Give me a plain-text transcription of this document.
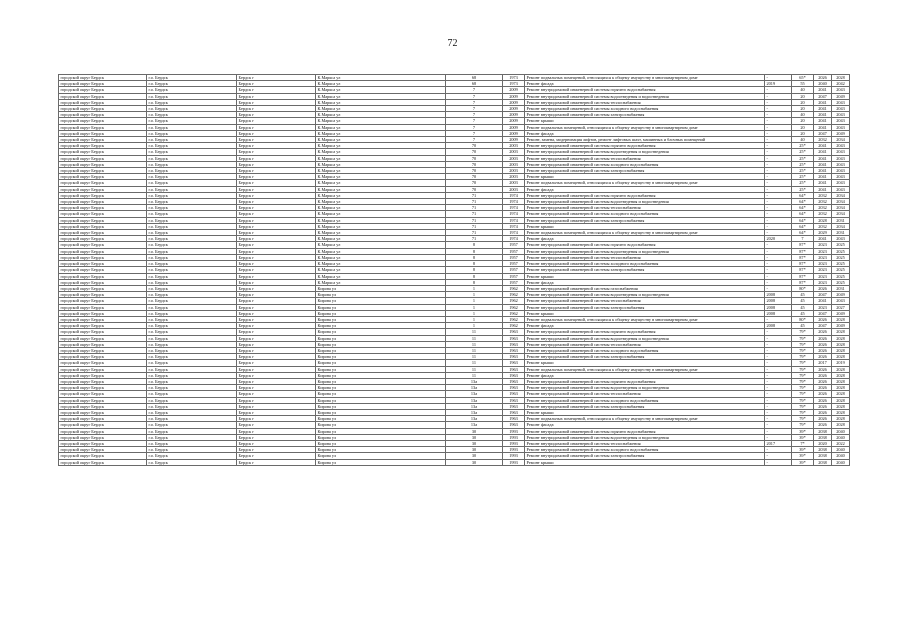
72
городской округ Бердск	г.о. Бердск	Бердск г	К.Маркса ул	68	1973	Ремонт подвальных помещений, относящихся к общему имуществу в многоквартирном доме	-	65*	2026	2028
городской округ Бердск	г.о. Бердск	Бердск г	К.Маркса ул	68	1973	Ремонт фасада	2019	55	2040	2042
городской округ Бердск	г.о. Бердск	Бердск г	К.Маркса ул	7	2009	Ремонт внутридомовой инженерной системы горячего водоснабжения	-	40	2041	2043
городской округ Бердск	г.о. Бердск	Бердск г	К.Маркса ул	7	2009	Ремонт внутридомовой инженерной системы водоотведения и водоотведения	-	20	2047	2049
городской округ Бердск	г.о. Бердск	Бердск г	К.Маркса ул	7	2009	Ремонт внутридомовой инженерной системы теплоснабжения	-	20	2041	2043
городской округ Бердск	г.о. Бердск	Бердск г	К.Маркса ул	7	2009	Ремонт внутридомовой инженерной системы холодного водоснабжения	-	20	2041	2043
городской округ Бердск	г.о. Бердск	Бердск г	К.Маркса ул	7	2009	Ремонт внутридомовой инженерной системы электроснабжения	-	40	2041	2043
городской округ Бердск	г.о. Бердск	Бердск г	К.Маркса ул	7	2009	Ремонт крыши	-	20	2041	2043
городской округ Бердск	г.о. Бердск	Бердск г	К.Маркса ул	7	2009	Ремонт подвальных помещений, относящихся к общему имуществу в многоквартирном доме	-	20	2041	2043
городской округ Бердск	г.о. Бердск	Бердск г	К.Маркса ул	7	2009	Ремонт фасада	-	20	2047	2049
городской округ Бердск	г.о. Бердск	Бердск г	К.Маркса ул	7	2009	Ремонт, замена, модернизация лифтов, ремонт лифтовых шахт, машинных и блочных помещений	-	40	2032	2034
городской округ Бердск	г.о. Бердск	Бердск г	К.Маркса ул	70	2003	Ремонт внутридомовой инженерной системы горячего водоснабжения	-	25*	2041	2043
городской округ Бердск	г.о. Бердск	Бердск г	К.Маркса ул	70	2003	Ремонт внутридомовой инженерной системы водоотведения и водоотведения	-	25*	2041	2043
городской округ Бердск	г.о. Бердск	Бердск г	К.Маркса ул	70	2003	Ремонт внутридомовой инженерной системы теплоснабжения	-	25*	2041	2043
городской округ Бердск	г.о. Бердск	Бердск г	К.Маркса ул	70	2003	Ремонт внутридомовой инженерной системы холодного водоснабжения	-	25*	2041	2043
городской округ Бердск	г.о. Бердск	Бердск г	К.Маркса ул	70	2003	Ремонт внутридомовой инженерной системы электроснабжения	-	25*	2041	2043
городской округ Бердск	г.о. Бердск	Бердск г	К.Маркса ул	70	2003	Ремонт крыши	-	25*	2041	2043
городской округ Бердск	г.о. Бердск	Бердск г	К.Маркса ул	70	2003	Ремонт подвальных помещений, относящихся к общему имуществу в многоквартирном доме	-	25*	2041	2043
городской округ Бердск	г.о. Бердск	Бердск г	К.Маркса ул	70	2003	Ремонт фасада	-	25*	2041	2043
городской округ Бердск	г.о. Бердск	Бердск г	К.Маркса ул	71	1974	Ремонт внутридомовой инженерной системы горячего водоснабжения	-	64*	2032	2034
городской округ Бердск	г.о. Бердск	Бердск г	К.Маркса ул	71	1974	Ремонт внутридомовой инженерной системы водоотведения и водоотведения	-	64*	2032	2034
городской округ Бердск	г.о. Бердск	Бердск г	К.Маркса ул	71	1974	Ремонт внутридомовой инженерной системы теплоснабжения	-	64*	2032	2034
городской округ Бердск	г.о. Бердск	Бердск г	К.Маркса ул	71	1974	Ремонт внутридомовой инженерной системы холодного водоснабжения	-	64*	2032	2034
городской округ Бердск	г.о. Бердск	Бердск г	К.Маркса ул	71	1974	Ремонт внутридомовой инженерной системы электроснабжения	-	64*	2028	2031
городской округ Бердск	г.о. Бердск	Бердск г	К.Маркса ул	71	1974	Ремонт крыши	-	64*	2032	2034
городской округ Бердск	г.о. Бердск	Бердск г	К.Маркса ул	71	1974	Ремонт подвальных помещений, относящихся к общему имуществу в многоквартирном доме	-	64*	2029	2031
городской округ Бердск	г.о. Бердск	Бердск г	К.Маркса ул	71	1974	Ремонт фасада	2020	7	2041	2043
городской округ Бердск	г.о. Бердск	Бердск г	К.Маркса ул	8	1957	Ремонт внутридомовой инженерной системы горячего водоснабжения	-	87*	2023	2025
городской округ Бердск	г.о. Бердск	Бердск г	К.Маркса ул	8	1957	Ремонт внутридомовой инженерной системы водоотведения и водоотведения	-	87*	2023	2025
городской округ Бердск	г.о. Бердск	Бердск г	К.Маркса ул	8	1957	Ремонт внутридомовой инженерной системы теплоснабжения	-	87*	2023	2025
городской округ Бердск	г.о. Бердск	Бердск г	К.Маркса ул	8	1957	Ремонт внутридомовой инженерной системы холодного водоснабжения	-	87*	2023	2025
городской округ Бердск	г.о. Бердск	Бердск г	К.Маркса ул	8	1957	Ремонт внутридомовой инженерной системы электроснабжения	-	87*	2023	2025
городской округ Бердск	г.о. Бердск	Бердск г	К.Маркса ул	8	1957	Ремонт крыши	-	87*	2023	2025
городской округ Бердск	г.о. Бердск	Бердск г	К.Маркса ул	8	1957	Ремонт фасада	-	87*	2023	2025
городской округ Бердск	г.о. Бердск	Бердск г	Кирова ул	1	1962	Ремонт внутридомовой инженерной системы газоснабжения	-	80*	2026	2031
городской округ Бердск	г.о. Бердск	Бердск г	Кирова ул	1	1962	Ремонт внутридомовой инженерной системы водоотведения и водоотведения	2008	45	2047	2049
городской округ Бердск	г.о. Бердск	Бердск г	Кирова ул	1	1962	Ремонт внутридомовой инженерной системы теплоснабжения	2008	45	2041	2043
городской округ Бердск	г.о. Бердск	Бердск г	Кирова ул	1	1962	Ремонт внутридомовой инженерной системы электроснабжения	2008	45	2023	2027
городской округ Бердск	г.о. Бердск	Бердск г	Кирова ул	1	1962	Ремонт крыши	2008	45	2047	2049
городской округ Бердск	г.о. Бердск	Бердск г	Кирова ул	1	1962	Ремонт подвальных помещений, относящихся к общему имуществу в многоквартирном доме	-	80*	2026	2028
городской округ Бердск	г.о. Бердск	Бердск г	Кирова ул	1	1962	Ремонт фасада	2008	45	2047	2049
городской округ Бердск	г.о. Бердск	Бердск г	Кирова ул	11	1963	Ремонт внутридомовой инженерной системы горячего водоснабжения	-	79*	2026	2028
городской округ Бердск	г.о. Бердск	Бердск г	Кирова ул	11	1963	Ремонт внутридомовой инженерной системы водоотведения и водоотведения	-	79*	2026	2028
городской округ Бердск	г.о. Бердск	Бердск г	Кирова ул	11	1963	Ремонт внутридомовой инженерной системы теплоснабжения	-	79*	2026	2028
городской округ Бердск	г.о. Бердск	Бердск г	Кирова ул	11	1963	Ремонт внутридомовой инженерной системы холодного водоснабжения	-	79*	2026	2028
городской округ Бердск	г.о. Бердск	Бердск г	Кирова ул	11	1963	Ремонт внутридомовой инженерной системы электроснабжения	-	79*	2026	2028
городской округ Бердск	г.о. Бердск	Бердск г	Кирова ул	11	1963	Ремонт крыши	-	79*	2017	2019
городской округ Бердск	г.о. Бердск	Бердск г	Кирова ул	11	1963	Ремонт подвальных помещений, относящихся к общему имуществу в многоквартирном доме	-	79*	2026	2028
городской округ Бердск	г.о. Бердск	Бердск г	Кирова ул	11	1963	Ремонт фасада	-	79*	2026	2028
городской округ Бердск	г.о. Бердск	Бердск г	Кирова ул	13а	1963	Ремонт внутридомовой инженерной системы горячего водоснабжения	-	79*	2026	2028
городской округ Бердск	г.о. Бердск	Бердск г	Кирова ул	13а	1963	Ремонт внутридомовой инженерной системы водоотведения и водоотведения	-	79*	2026	2028
городской округ Бердск	г.о. Бердск	Бердск г	Кирова ул	13а	1963	Ремонт внутридомовой инженерной системы теплоснабжения	-	79*	2026	2028
городской округ Бердск	г.о. Бердск	Бердск г	Кирова ул	13а	1963	Ремонт внутридомовой инженерной системы холодного водоснабжения	-	79*	2026	2028
городской округ Бердск	г.о. Бердск	Бердск г	Кирова ул	13а	1963	Ремонт внутридомовой инженерной системы электроснабжения	-	79*	2026	2028
городской округ Бердск	г.о. Бердск	Бердск г	Кирова ул	13а	1963	Ремонт крыши	-	79*	2026	2028
городской округ Бердск	г.о. Бердск	Бердск г	Кирова ул	13а	1963	Ремонт подвальных помещений, относящихся к общему имуществу в многоквартирном доме	-	79*	2026	2028
городской округ Бердск	г.о. Бердск	Бердск г	Кирова ул	13а	1963	Ремонт фасада	-	79*	2026	2028
городской округ Бердск	г.о. Бердск	Бердск г	Кирова ул	30	1993	Ремонт внутридомовой инженерной системы горячего водоснабжения	-	39*	2038	2040
городской округ Бердск	г.о. Бердск	Бердск г	Кирова ул	30	1993	Ремонт внутридомовой инженерной системы водоотведения и водоотведения	-	39*	2038	2040
городской округ Бердск	г.о. Бердск	Бердск г	Кирова ул	30	1993	Ремонт внутридомовой инженерной системы теплоснабжения	2017	7*	2020	2022
городской округ Бердск	г.о. Бердск	Бердск г	Кирова ул	30	1993	Ремонт внутридомовой инженерной системы холодного водоснабжения	-	39*	2038	2040
городской округ Бердск	г.о. Бердск	Бердск г	Кирова ул	30	1993	Ремонт внутридомовой инженерной системы электроснабжения	-	39*	2038	2040
городской округ Бердск	г.о. Бердск	Бердск г	Кирова ул	30	1993	Ремонт крыши	-	39*	2038	2040
